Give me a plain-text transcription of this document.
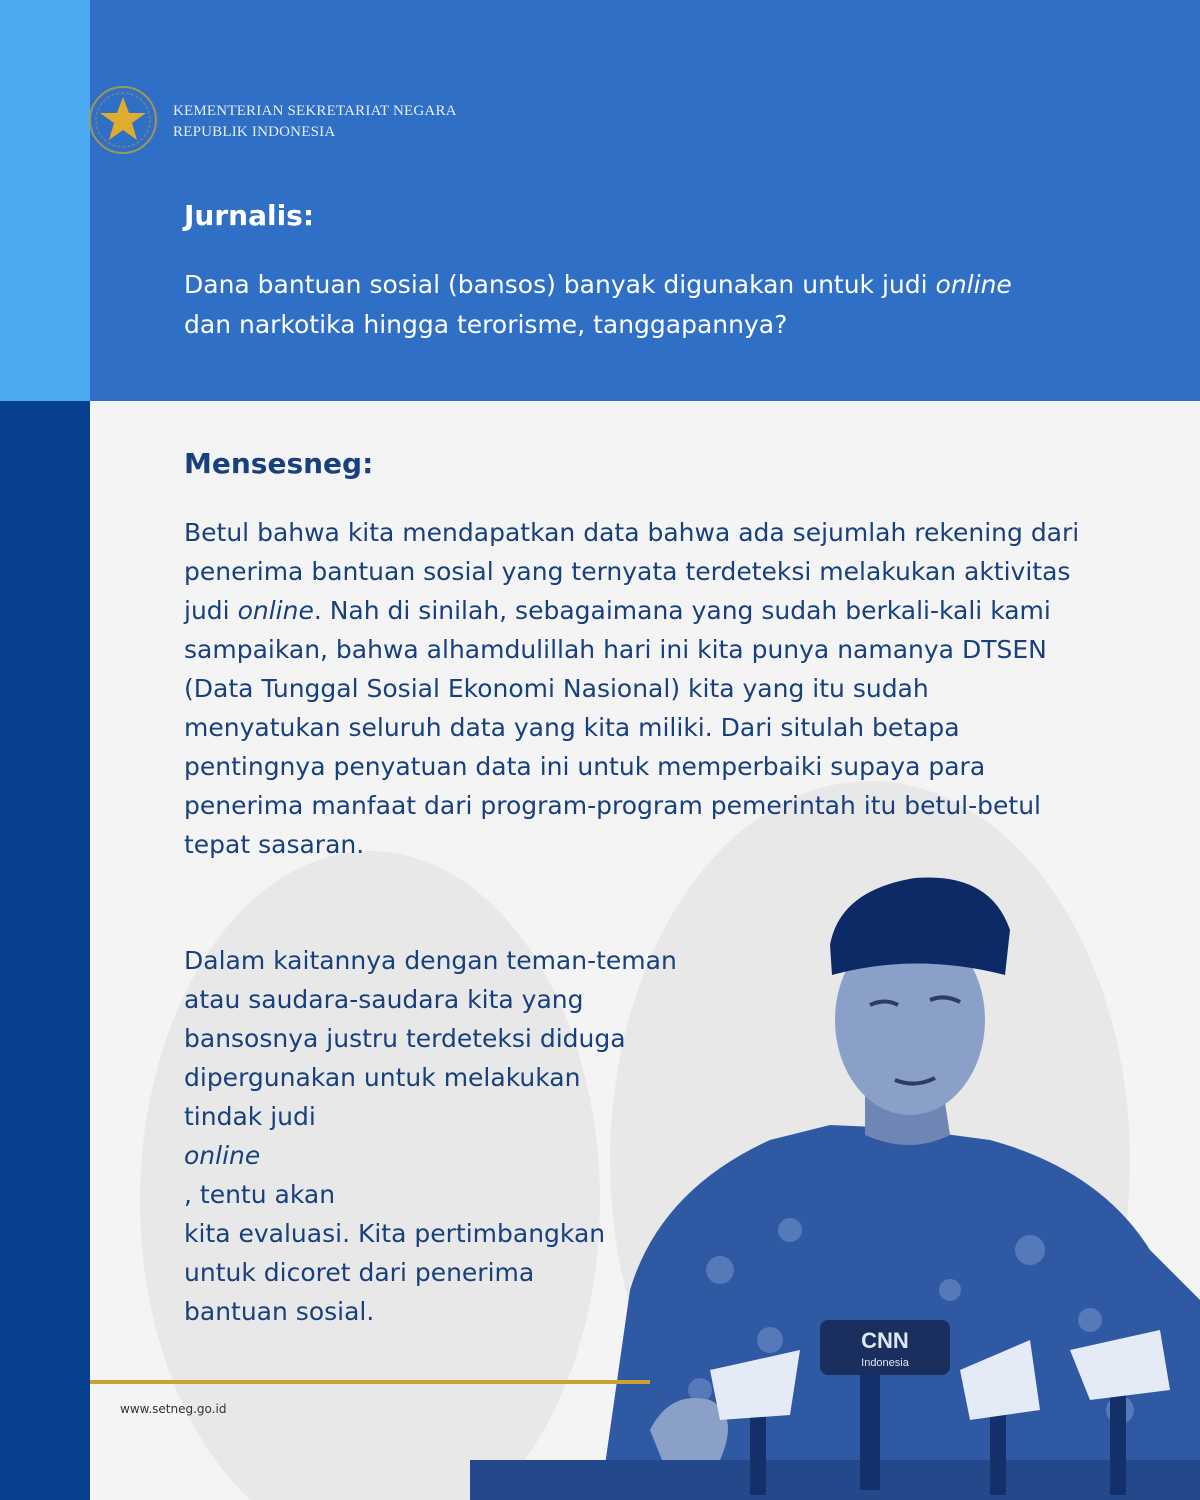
KEMENTERIAN SEKRETARIAT NEGARA
REPUBLIK INDONESIA
Jurnalis:
Dana bantuan sosial (bansos) banyak digunakan untuk judi online dan narkotika hingga terorisme, tanggapannya?
Mensesneg:
Betul bahwa kita mendapatkan data bahwa ada sejumlah rekening dari penerima bantuan sosial yang ternyata terdeteksi melakukan aktivitas judi online. Nah di sinilah, sebagaimana yang sudah berkali-kali kami sampaikan, bahwa alhamdulillah hari ini kita punya namanya DTSEN (Data Tunggal Sosial Ekonomi Nasional) kita yang itu sudah menyatukan seluruh data yang kita miliki. Dari situlah betapa pentingnya penyatuan data ini untuk memperbaiki supaya para penerima manfaat dari program-program pemerintah itu betul-betul tepat sasaran.
Dalam kaitannya dengan teman-teman
atau saudara-saudara kita yang
bansosnya justru terdeteksi diduga
dipergunakan untuk melakukan
tindak judi
online
, tentu akan
kita evaluasi. Kita pertimbangkan
untuk dicoret dari penerima
bantuan sosial.
CNN
Indonesia
www.setneg.go.id
